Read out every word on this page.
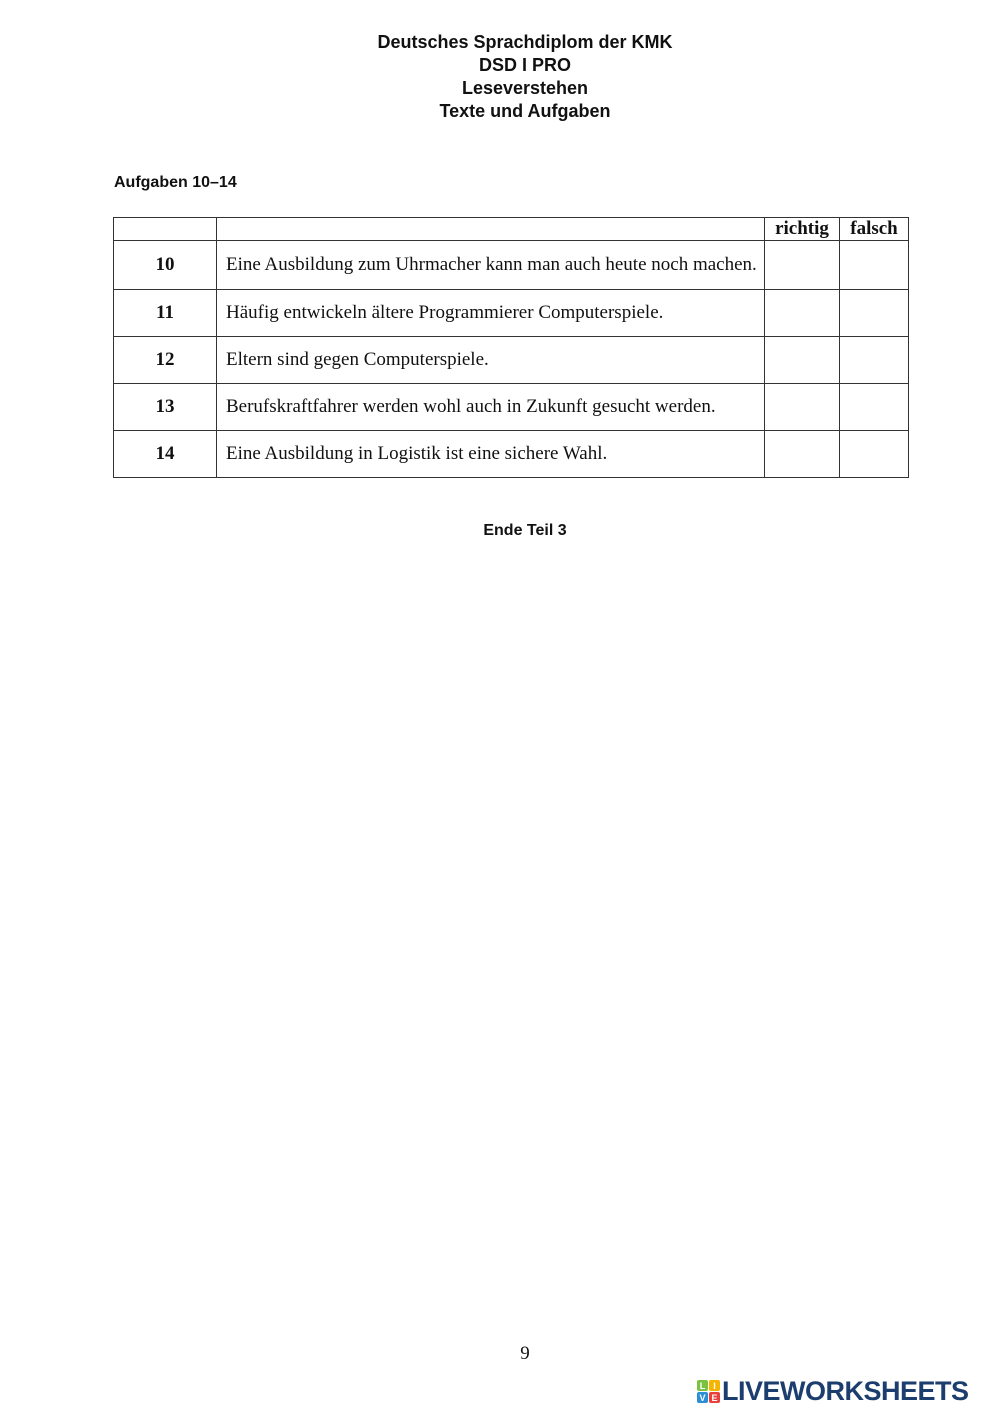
Deutsches Sprachdiplom der KMK
DSD I PRO
Leseverstehen
Texte und Aufgaben
Aufgaben 10–14
		richtig	falsch
10	Eine Ausbildung zum Uhrmacher kann man auch heute noch machen.		
11	Häufig entwickeln ältere Programmierer Computerspiele.		
12	Eltern sind gegen Computerspiele.		
13	Berufskraftfahrer werden wohl auch in Zukunft gesucht werden.		
14	Eine Ausbildung in Logistik ist eine sichere Wahl.		
Ende Teil 3
9
L I
V E LIVEWORKSHEETS
